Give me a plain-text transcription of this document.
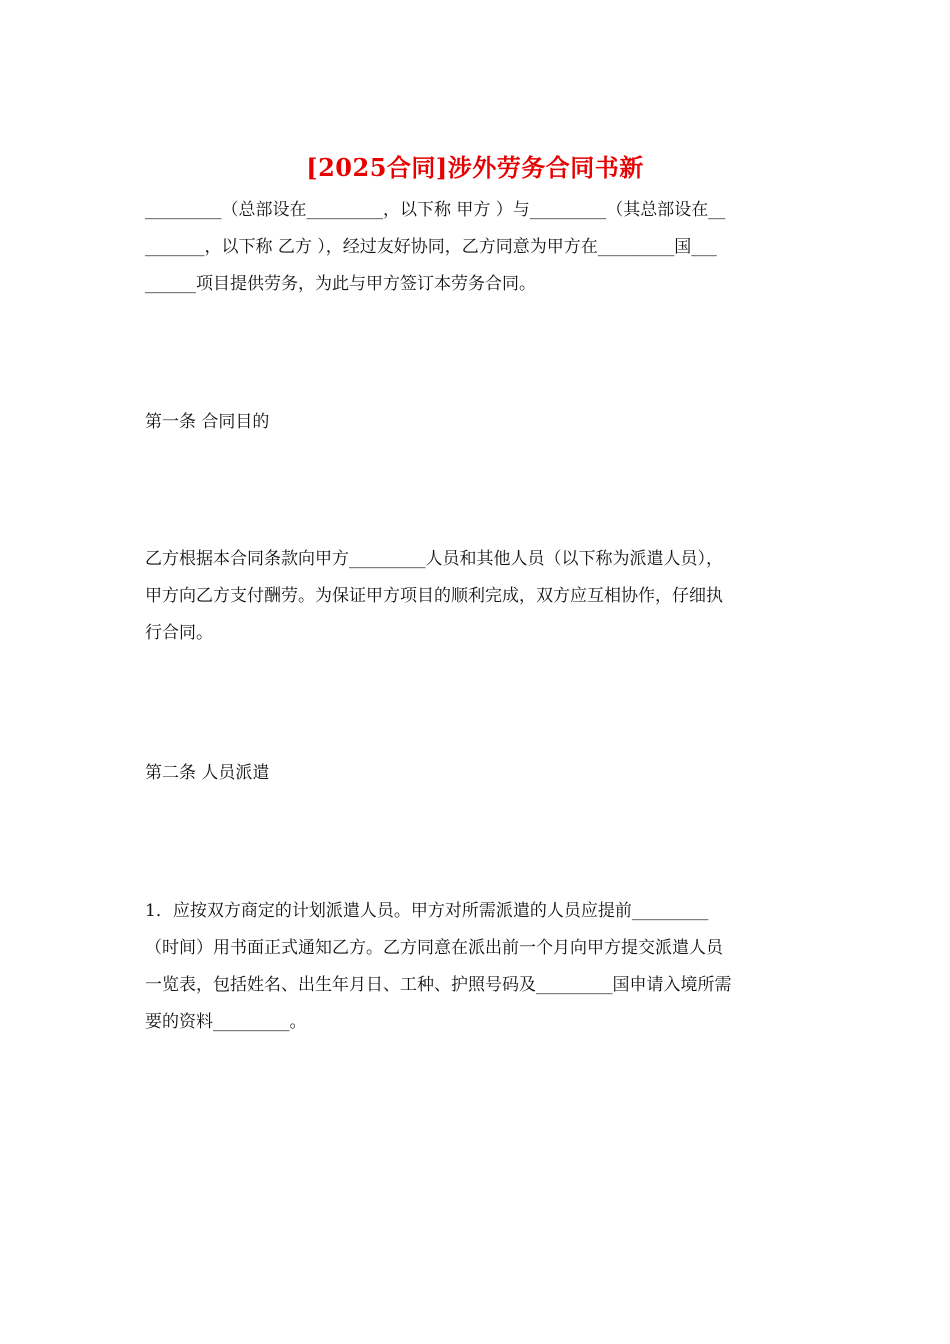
[2025合同]涉外劳务合同书新
_________（总部设在_________，以下称 甲方 ）与_________（其总部设在__
_______，以下称 乙方 ），经过友好协同，乙方同意为甲方在_________国___
______项目提供劳务，为此与甲方签订本劳务合同。
第一条 合同目的
乙方根据本合同条款向甲方_________人员和其他人员（以下称为派遣人员），
甲方向乙方支付酬劳。为保证甲方项目的顺利完成，双方应互相协作，仔细执
行合同。
第二条 人员派遣
1．应按双方商定的计划派遣人员。甲方对所需派遣的人员应提前_________
（时间）用书面正式通知乙方。乙方同意在派出前一个月向甲方提交派遣人员
一览表，包括姓名、出生年月日、工种、护照号码及_________国申请入境所需
要的资料_________。
